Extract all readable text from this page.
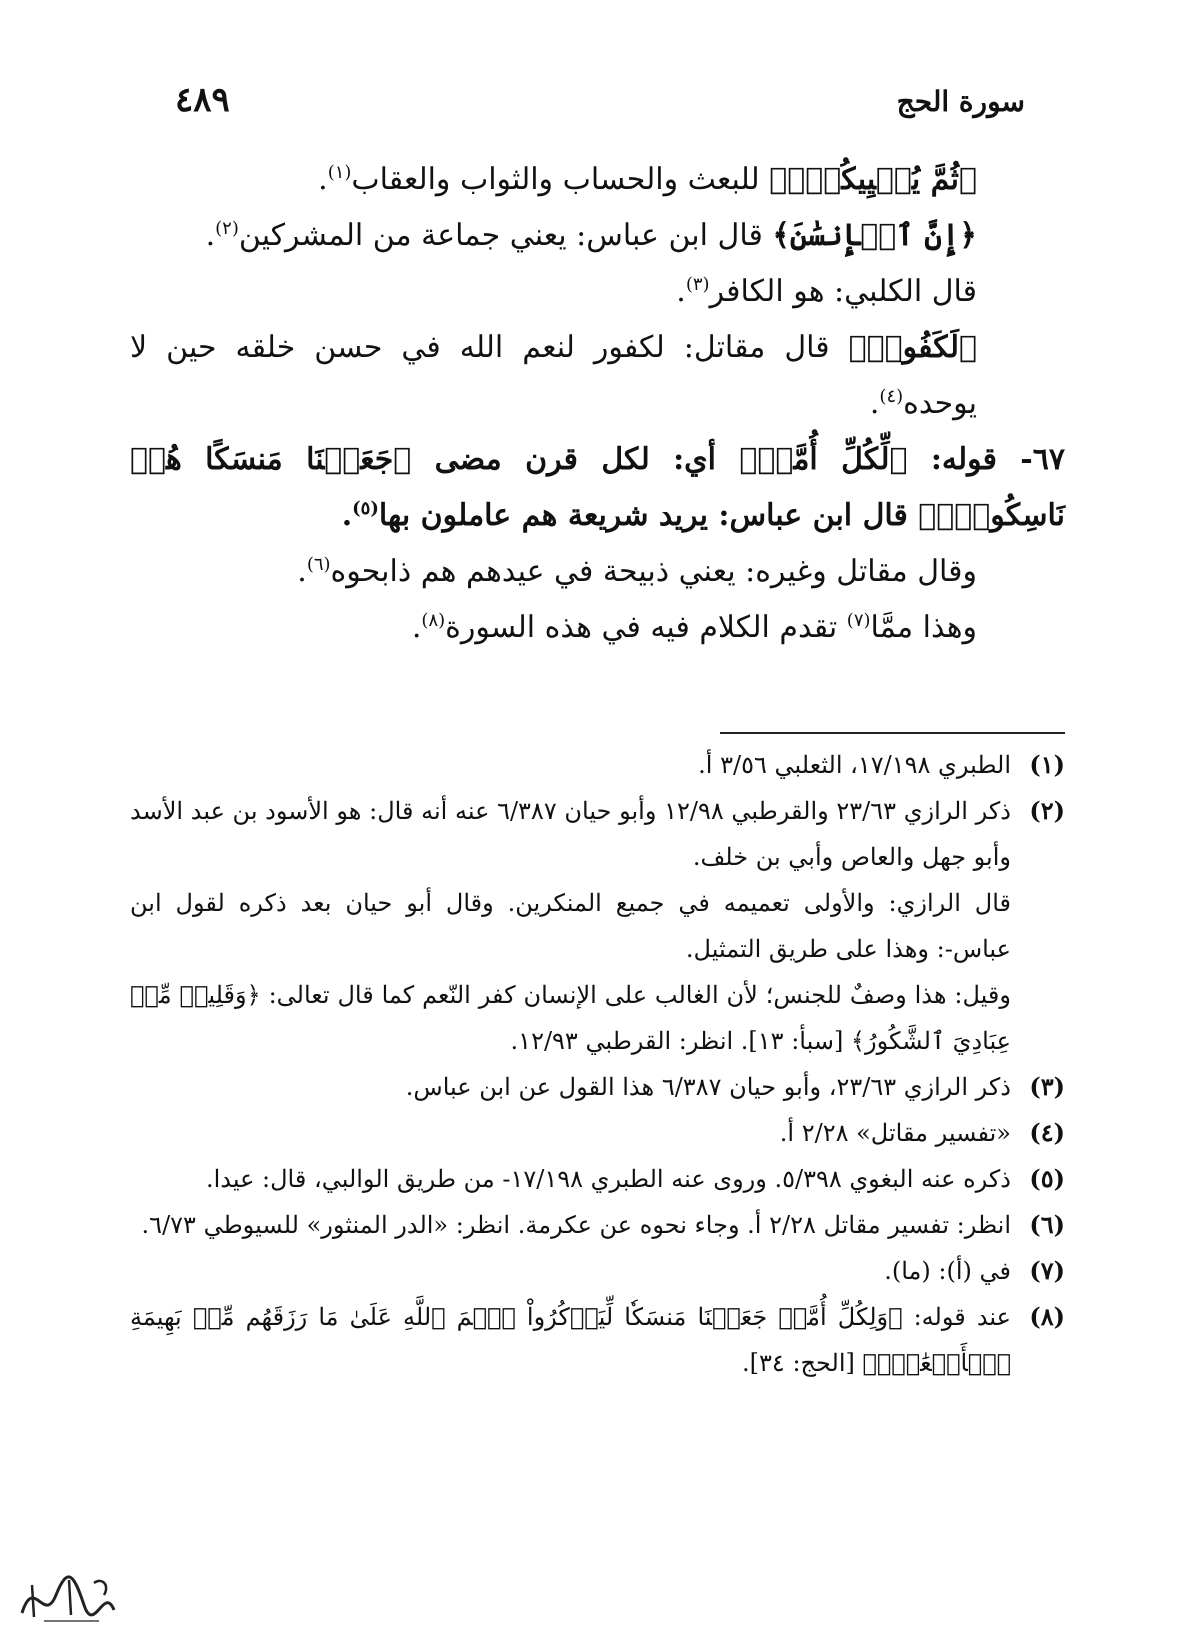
٤٨٩	سورة الحج

﴿ثُمَّ يُحۡيِيكُمۡۚ﴾ للبعث والحساب والثواب والعقاب$^{(١)}$.

﴿إِنَّ ٱلۡإِنسَٰنَ﴾ قال ابن عباس: يعني جماعة من المشركين$^{(٢)}$.

قال الكلبي: هو الكافر$^{(٣)}$.

﴿لَكَفُورٞ﴾ قال مقاتل: لكفور لنعم الله في حسن خلقه حين لا يوحده$^{(٤)}$.

٦٧- قوله: ﴿لِّكُلِّ أُمَّةٖ﴾ أي: لكل قرن مضى ﴿جَعَلۡنَا مَنسَكًا هُمۡ نَاسِكُوهُۖ﴾ قال ابن عباس: يريد شريعة هم عاملون بها$^{(٥)}$.

وقال مقاتل وغيره: يعني ذبيحة في عيدهم هم ذابحوه$^{(٦)}$.

وهذا ممَّا$^{(٧)}$ تقدم الكلام فيه في هذه السورة$^{(٨)}$.

(١)
الطبري ١٧/١٩٨، الثعلبي ٣/٥٦ أ.
(٢)
ذكر الرازي ٢٣/٦٣ والقرطبي ١٢/٩٨ وأبو حيان ٦/٣٨٧ عنه أنه قال: هو الأسود بن عبد الأسد وأبو جهل والعاص وأبي بن خلف.
قال الرازي: والأولى تعميمه في جميع المنكرين. وقال أبو حيان بعد ذكره لقول ابن عباس-: وهذا على طريق التمثيل.
وقيل: هذا وصفٌ للجنس؛ لأن الغالب على الإنسان كفر النّعم كما قال تعالى: ﴿وَقَلِيلٞ مِّنۡ عِبَادِيَ ٱلشَّكُورُ﴾ [سبأ: ١٣]. انظر: القرطبي ١٢/٩٣.
(٣)
ذكر الرازي ٢٣/٦٣، وأبو حيان ٦/٣٨٧ هذا القول عن ابن عباس.
(٤)
«تفسير مقاتل» ٢/٢٨ أ.
(٥)
ذكره عنه البغوي ٥/٣٩٨. وروى عنه الطبري ١٧/١٩٨- من طريق الوالبي، قال: عيدا.
(٦)
انظر: تفسير مقاتل ٢/٢٨ أ. وجاء نحوه عن عكرمة. انظر: «الدر المنثور» للسيوطي ٦/٧٣.
(٧)
في (أ): (ما).
(٨)
عند قوله: ﴿وَلِكُلِّ أُمَّةٖ جَعَلۡنَا مَنسَكٗا لِّيَذۡكُرُواْ ٱسۡمَ ٱللَّهِ عَلَىٰ مَا رَزَقَهُم مِّنۢ بَهِيمَةِ ٱلۡأَنۡعَٰمِۗ﴾ [الحج: ٣٤].
